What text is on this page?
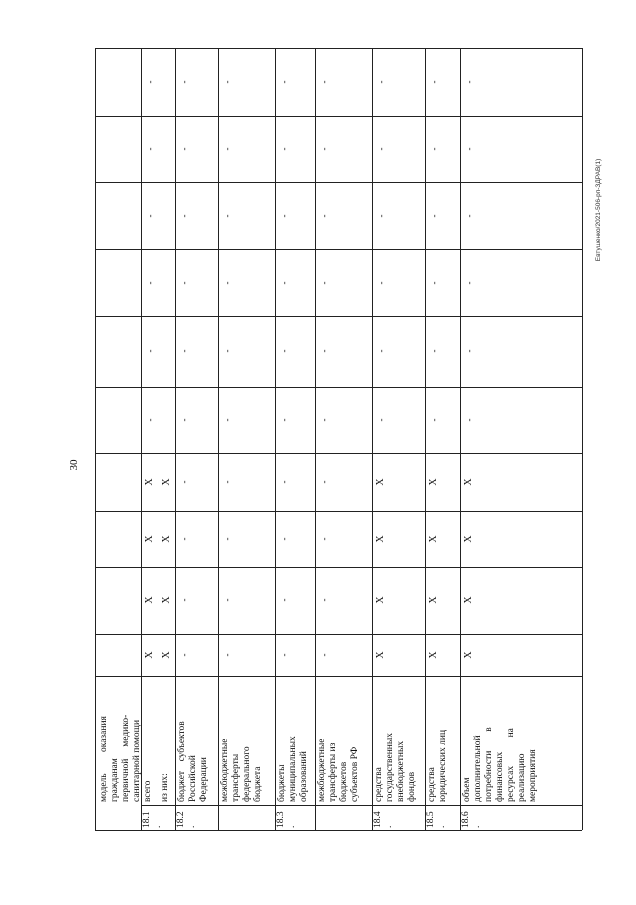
30
Евтушенко/2021-506-рп-ЗДРАВ(1)
модель         оказания гражданам первичной     медико- санитарной помощи
18.1 .
всего
X
X
X
X
-
-
-
-
-
-
из них:
X
X
X
X
18.2 .
бюджет    субъектов Российской Федерации
-
-
-
-
-
-
-
-
-
-
межбюджетные трансферты федерального бюджета
-
-
-
-
-
-
-
-
-
-
18.3 .
бюджеты муниципальных образований
-
-
-
-
-
-
-
-
-
-
межбюджетные трансферты из бюджетов субъектов РФ
-
-
-
-
-
-
-
-
-
-
18.4 .
средства государственных внебюджетных фондов
X
X
X
X
-
-
-
-
-
-
18.5 .
средства юридических лиц
X
X
X
X
-
-
-
-
-
-
18.6 .
объем дополнительной потребности        в финансовых ресурсах            на реализацию мероприятия
X
X
X
X
-
-
-
-
-
-
